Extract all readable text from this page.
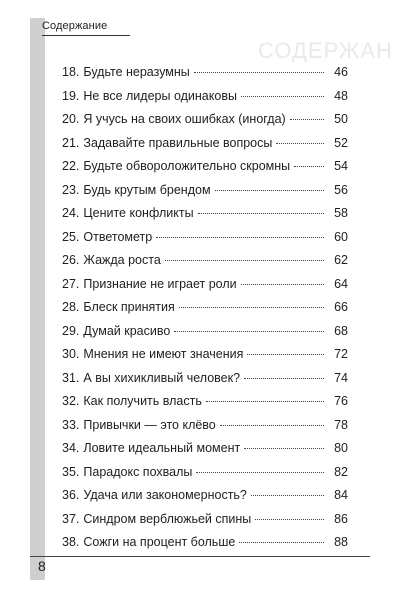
СОДЕРЖАН
Содержание
18. Будьте неразумны	46
19. Не все лидеры одинаковы	48
20. Я учусь на своих ошибках (иногда)	50
21. Задавайте правильные вопросы	52
22. Будьте обвороложительно скромны	54
23. Будь крутым брендом	56
24. Цените конфликты	58
25. Ответометр	60
26. Жажда роста	62
27. Признание не играет роли	64
28. Блеск принятия	66
29. Думай красиво	68
30. Мнения не имеют значения	72
31. А вы хихикливый человек?	74
32. Как получить власть	76
33. Привычки — это клёво	78
34. Ловите идеальный момент	80
35. Парадокс похвалы	82
36. Удача или закономерность?	84
37. Синдром верблюжьей спины	86
38. Сожги на процент больше	88
8
